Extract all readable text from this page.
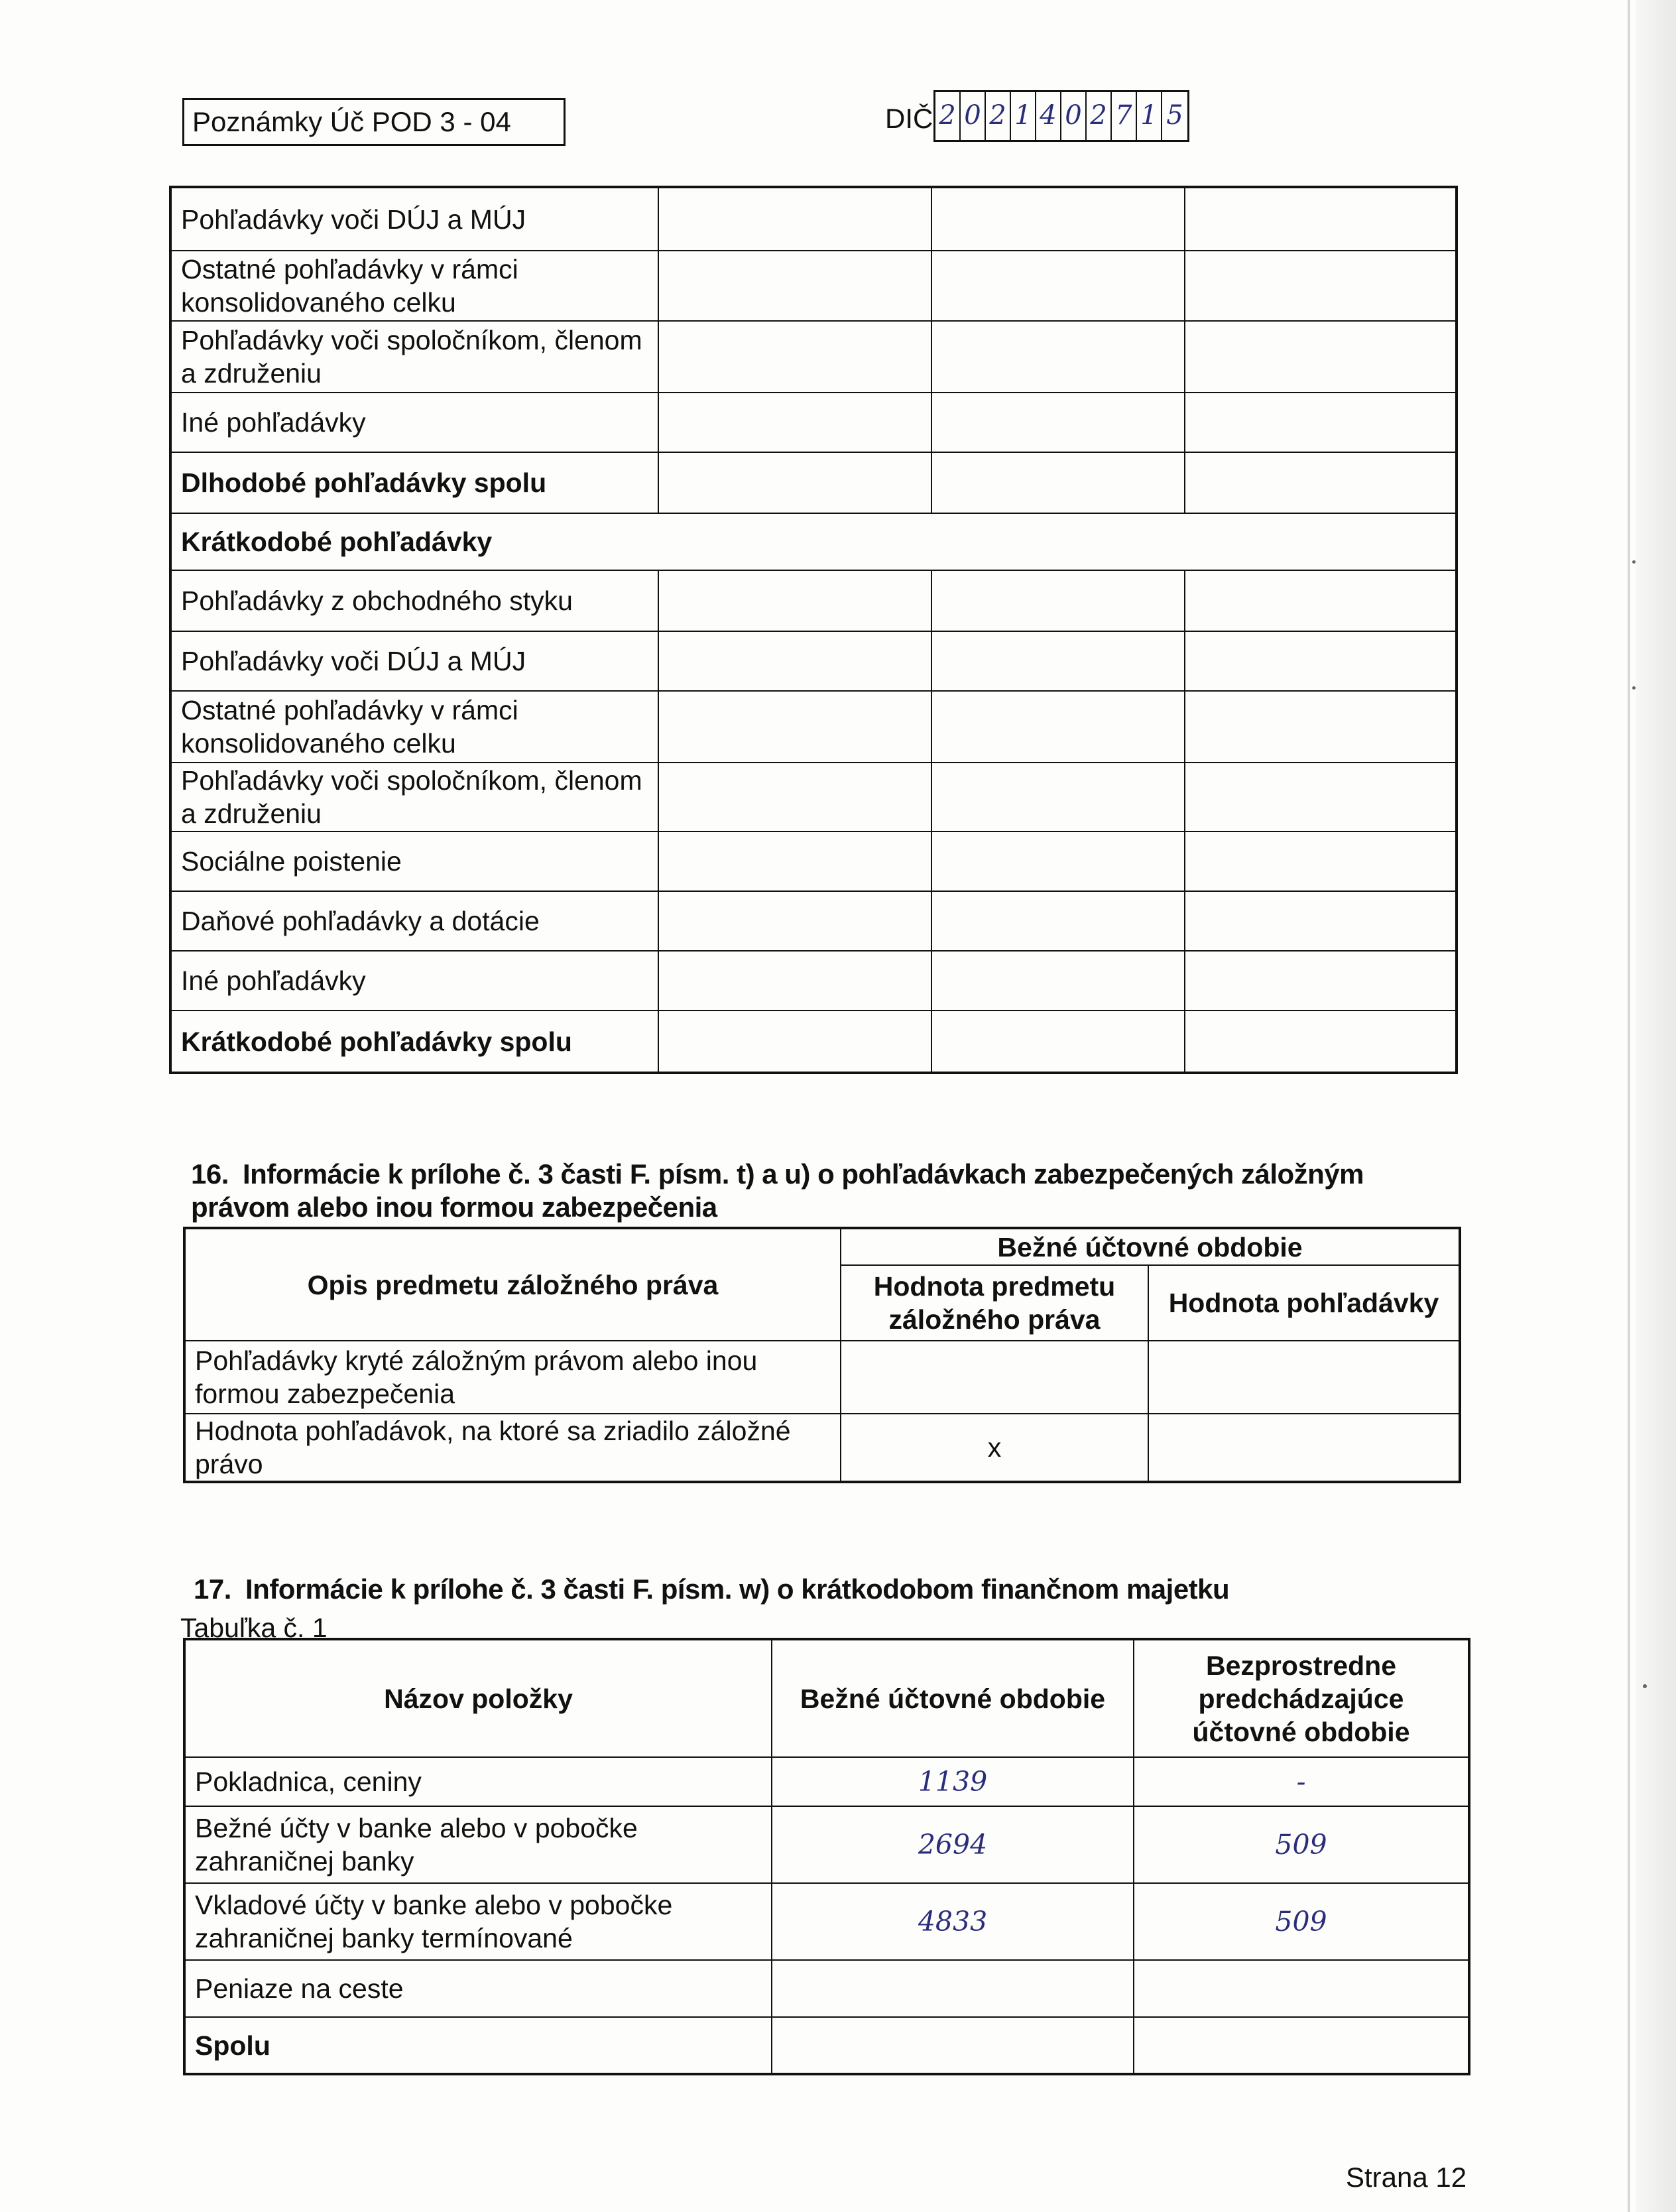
Poznámky Úč POD 3 - 04	DIČ 2 0 2 1 4 0 2 7 1 5
Pohľadávky voči DÚJ a MÚJ			
Ostatné pohľadávky v rámci konsolidovaného celku			
Pohľadávky voči spoločníkom, členom a združeniu			
Iné pohľadávky			
Dlhodobé pohľadávky spolu			
Krátkodobé pohľadávky			
Pohľadávky z obchodného styku			
Pohľadávky voči DÚJ a MÚJ			
Ostatné pohľadávky v rámci konsolidovaného celku			
Pohľadávky voči spoločníkom, členom a združeniu			
Sociálne poistenie			
Daňové pohľadávky a dotácie			
Iné pohľadávky			
Krátkodobé pohľadávky spolu			
16. Informácie k prílohe č. 3 časti F. písm. t) a u) o pohľadávkach zabezpečených záložným právom alebo inou formou zabezpečenia
Opis predmetu záložného práva	Bežné účtovné obdobie	
	Hodnota predmetu záložného práva	Hodnota pohľadávky
Pohľadávky kryté záložným právom alebo inou formou zabezpečenia		
Hodnota pohľadávok, na ktoré sa zriadilo záložné právo	x	
17. Informácie k prílohe č. 3 časti F. písm. w) o krátkodobom finančnom majetku
Tabuľka č. 1
Názov položky	Bežné účtovné obdobie	Bezprostredne predchádzajúce účtovné obdobie
Pokladnica, ceniny	1139	-
Bežné účty v banke alebo v pobočke zahraničnej banky	2694	509
Vkladové účty v banke alebo v pobočke zahraničnej banky termínované	4833	509
Peniaze na ceste		
Spolu		
Strana 12
